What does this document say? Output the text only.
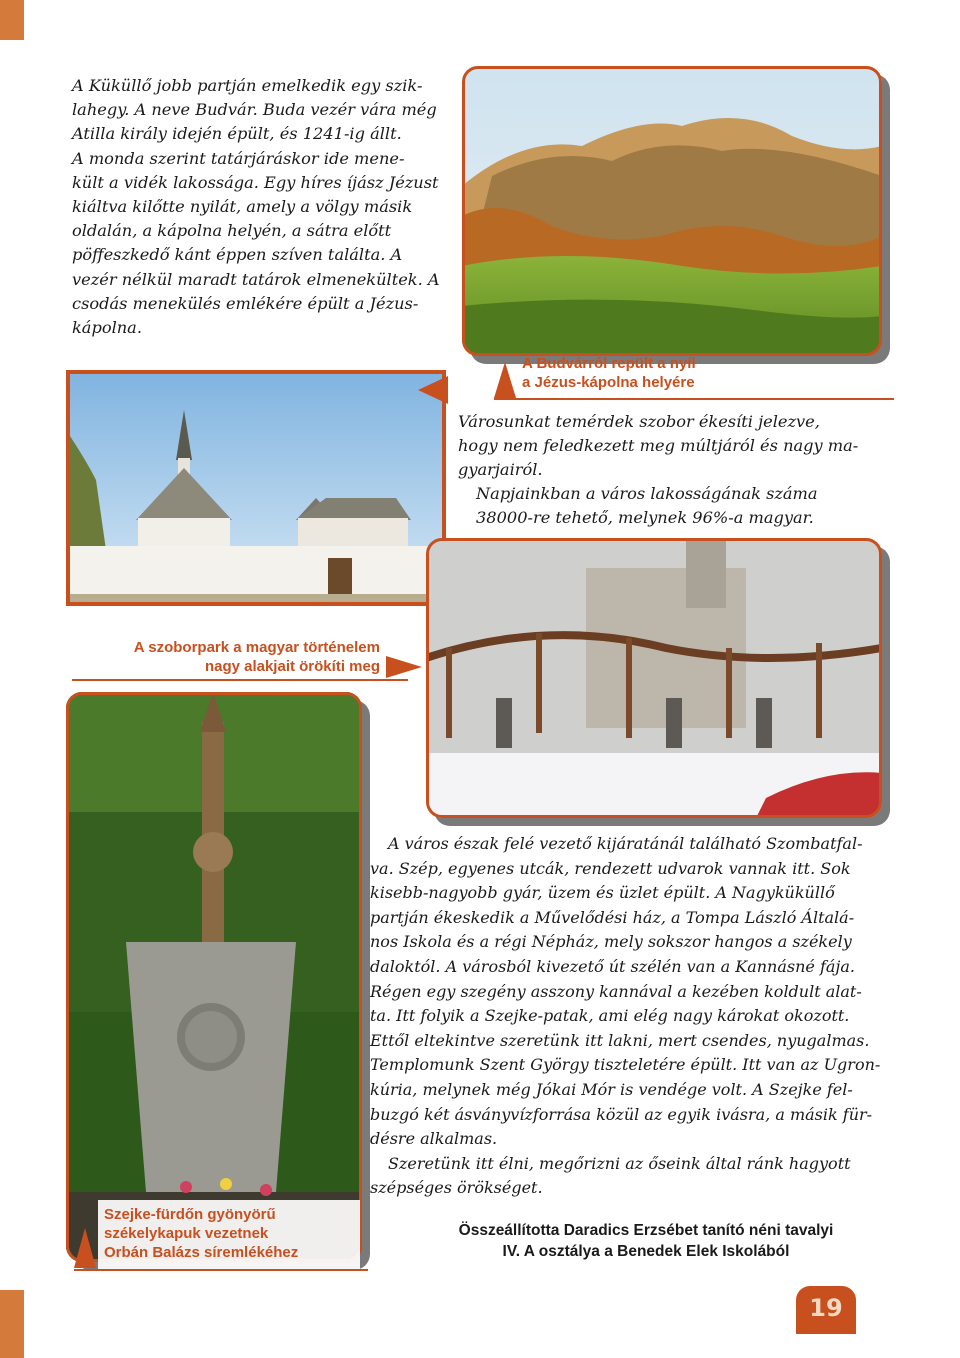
A Küküllő jobb partján emelkedik egy szik-
lahegy. A neve Budvár. Buda vezér vára még
Atilla király idején épült, és 1241-ig állt.
A monda szerint tatárjáráskor ide mene-
kült a vidék lakossága. Egy híres íjász Jézust
kiáltva kilőtte nyilát, amely a völgy másik
oldalán, a kápolna helyén, a sátra előtt
pöffeszkedő kánt éppen szíven találta. A
vezér nélkül maradt tatárok elmenekültek. A
csodás menekülés emlékére épült a Jézus-
kápolna.
A Budvárról repült a nyíl
a Jézus-kápolna helyére
Városunkat temérdek szobor ékesíti jelezve,
hogy nem feledkezett meg múltjáról és nagy ma-
gyarjairól.
Napjainkban a város lakosságának száma
38000-re tehető, melynek 96%-a magyar.
A szoborpark a magyar történelem
nagy alakjait örökíti meg
Szejke-fürdőn gyönyörű
székelykapuk vezetnek
Orbán Balázs síremlékéhez
A város észak felé vezető kijáratánál található Szombatfal-
va. Szép, egyenes utcák, rendezett udvarok vannak itt. Sok
kisebb-nagyobb gyár, üzem és üzlet épült. A Nagyküküllő
partján ékeskedik a Művelődési ház, a Tompa László Általá-
nos Iskola és a régi Népház, mely sokszor hangos a székely
daloktól. A városból kivezető út szélén van a Kannásné fája.
Régen egy szegény asszony kannával a kezében koldult alat-
ta. Itt folyik a Szejke-patak, ami elég nagy károkat okozott.
Ettől eltekintve szeretünk itt lakni, mert csendes, nyugalmas.
Templomunk Szent György tiszteletére épült. Itt van az Ugron-
kúria, melynek még Jókai Mór is vendége volt. A Szejke fel-
buzgó két ásványvízforrása közül az egyik ivásra, a másik für-
désre alkalmas.
Szeretünk itt élni, megőrizni az őseink által ránk hagyott
szépséges örökséget.
Összeállította Daradics Erzsébet tanító néni tavalyi
IV. A osztálya a Benedek Elek Iskolából
19
